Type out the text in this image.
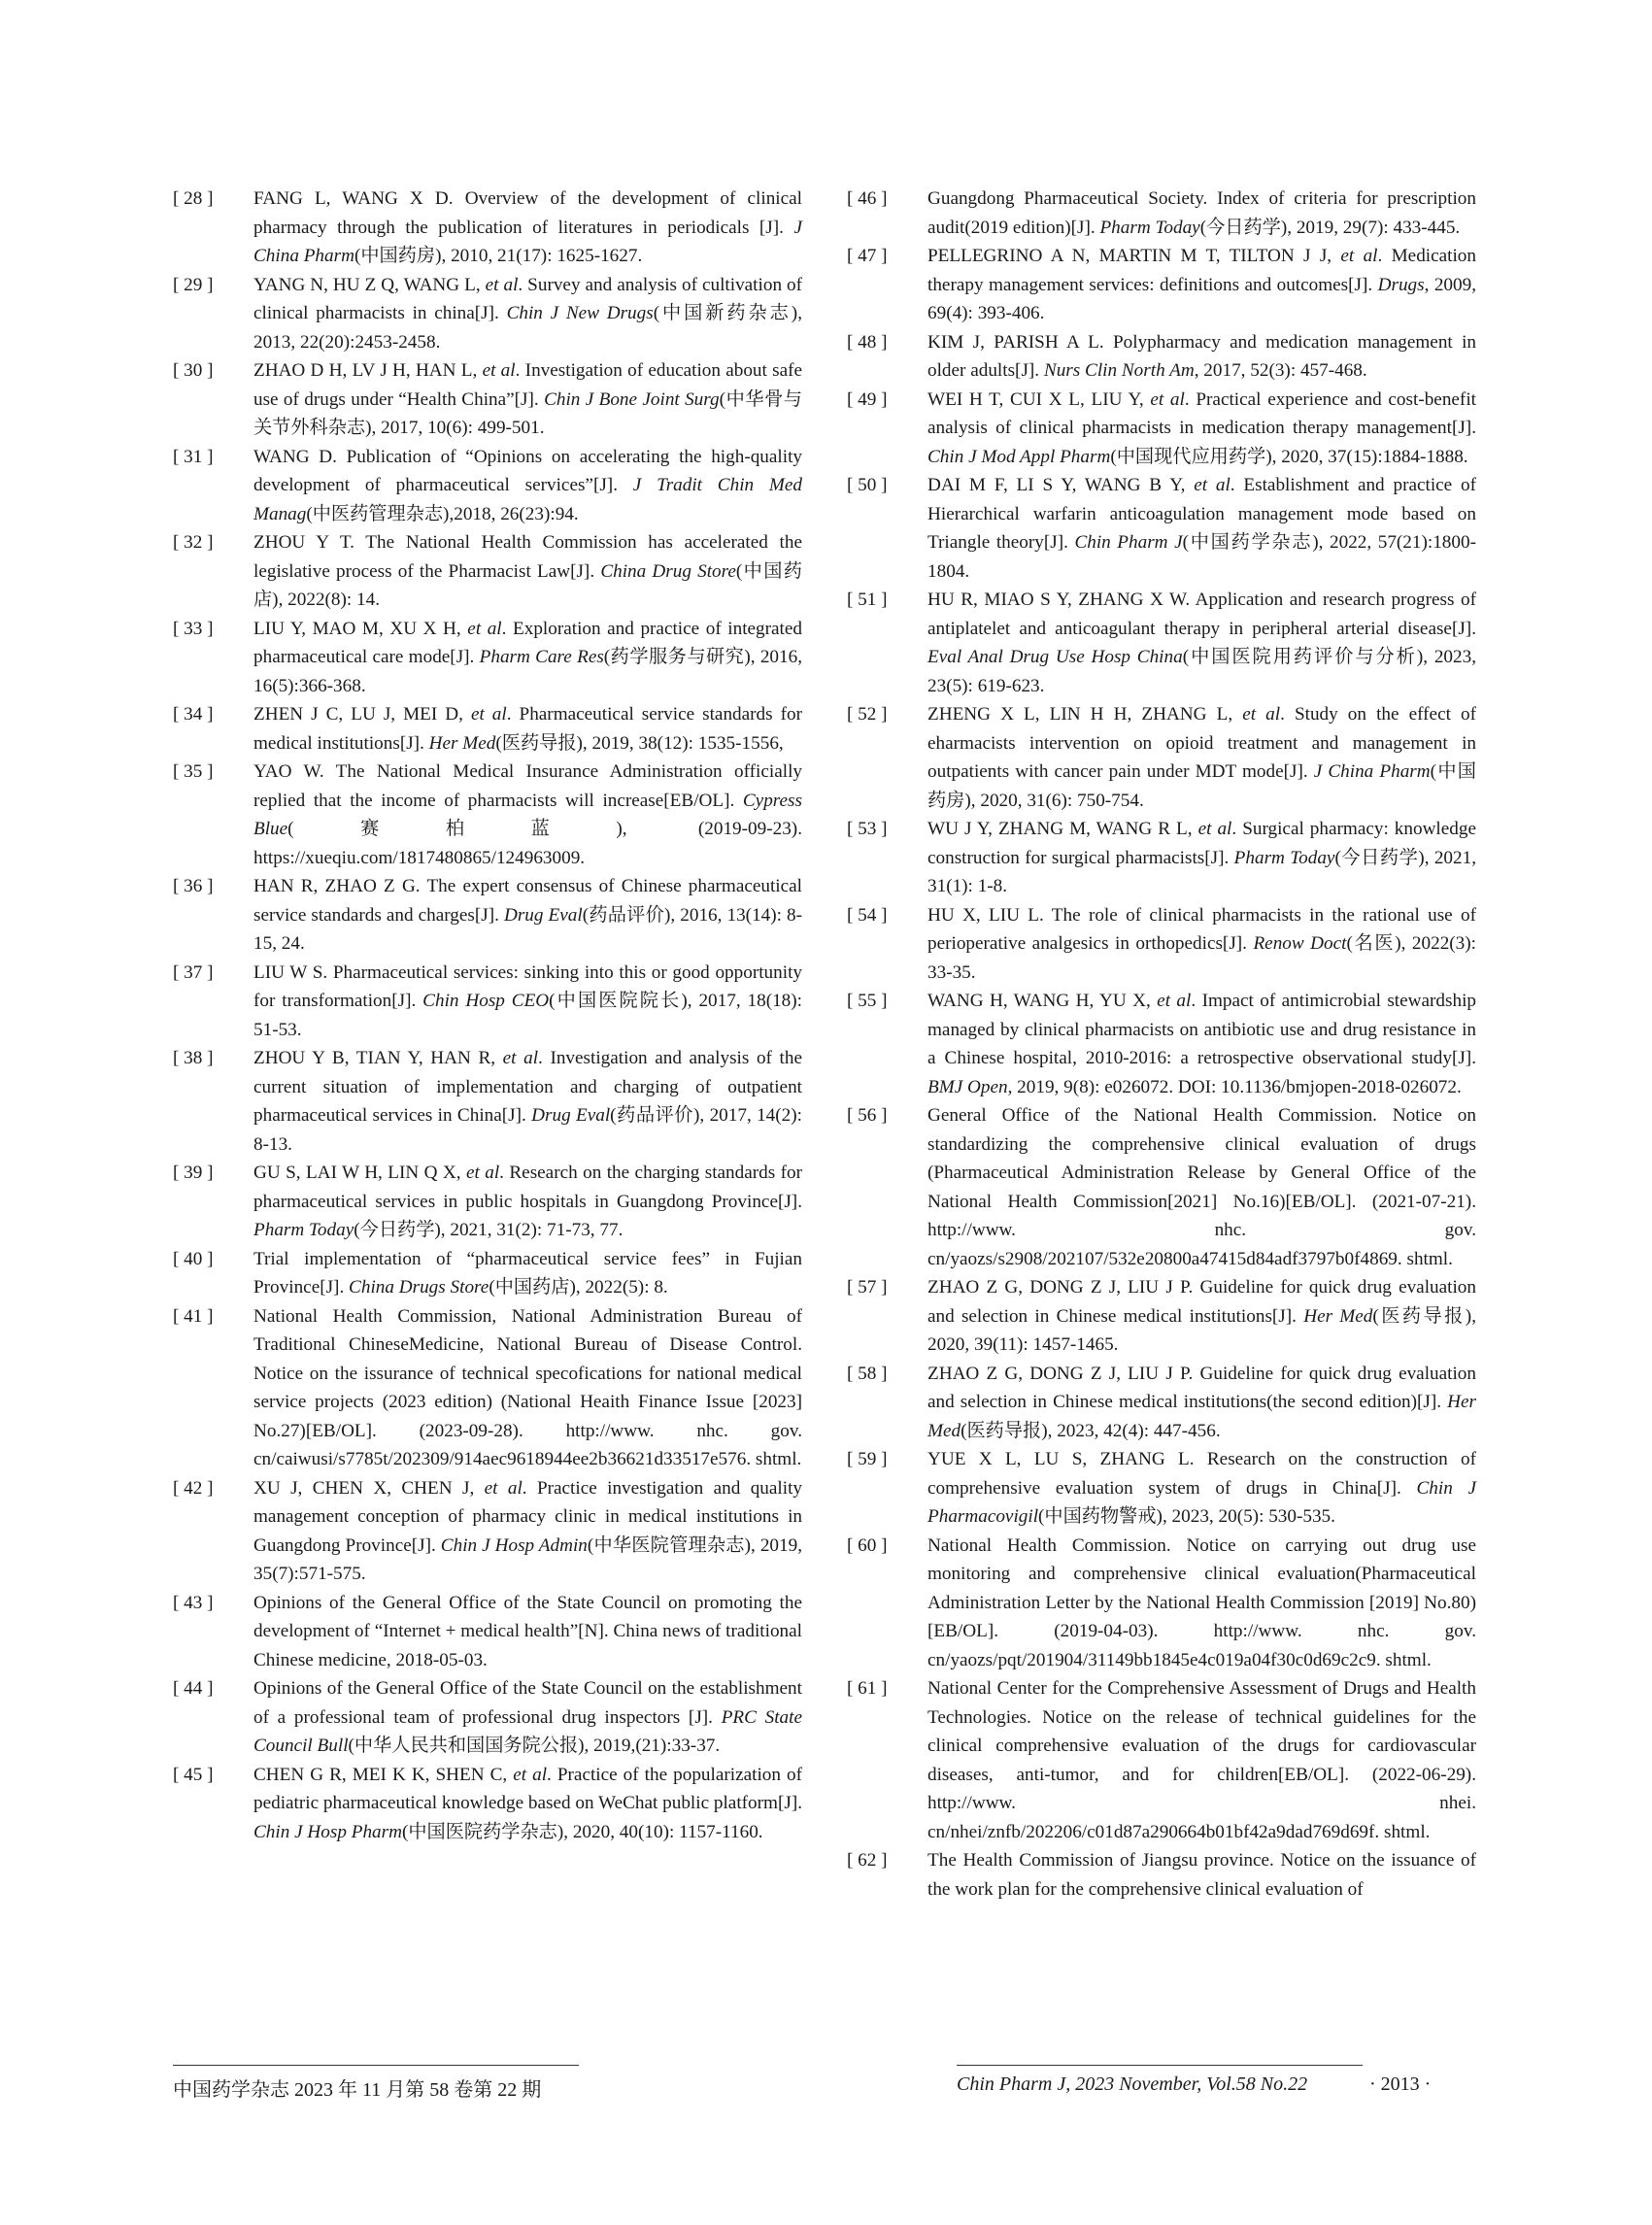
[ 28 ]	FANG L, WANG X D. Overview of the development of clinical pharmacy through the publication of literatures in periodicals [J]. J China Pharm(中国药房), 2010, 21(17): 1625-1627.

[ 29 ]	YANG N, HU Z Q, WANG L, et al. Survey and analysis of cultivation of clinical pharmacists in china[J]. Chin J New Drugs(中国新药杂志), 2013, 22(20):2453-2458.

[ 30 ]	ZHAO D H, LV J H, HAN L, et al. Investigation of education about safe use of drugs under “Health China”[J]. Chin J Bone Joint Surg(中华骨与关节外科杂志), 2017, 10(6): 499-501.

[ 31 ]	WANG D. Publication of “Opinions on accelerating the high-quality development of pharmaceutical services”[J]. J Tradit Chin Med Manag(中医药管理杂志),2018, 26(23):94.

[ 32 ]	ZHOU Y T. The National Health Commission has accelerated the legislative process of the Pharmacist Law[J]. China Drug Store(中国药店), 2022(8): 14.

[ 33 ]	LIU Y, MAO M, XU X H, et al. Exploration and practice of integrated pharmaceutical care mode[J]. Pharm Care Res(药学服务与研究), 2016, 16(5):366-368.

[ 34 ]	ZHEN J C, LU J, MEI D, et al. Pharmaceutical service standards for medical institutions[J]. Her Med(医药导报), 2019, 38(12): 1535-1556,

[ 35 ]	YAO W. The National Medical Insurance Administration officially replied that the income of pharmacists will increase[EB/OL]. Cypress Blue(赛柏蓝), (2019-09-23). https://xueqiu.com/1817480865/124963009.

[ 36 ]	HAN R, ZHAO Z G. The expert consensus of Chinese pharmaceutical service standards and charges[J]. Drug Eval(药品评价), 2016, 13(14): 8-15, 24.

[ 37 ]	LIU W S. Pharmaceutical services: sinking into this or good opportunity for transformation[J]. Chin Hosp CEO(中国医院院长), 2017, 18(18): 51-53.

[ 38 ]	ZHOU Y B, TIAN Y, HAN R, et al. Investigation and analysis of the current situation of implementation and charging of outpatient pharmaceutical services in China[J]. Drug Eval(药品评价), 2017, 14(2): 8-13.

[ 39 ]	GU S, LAI W H, LIN Q X, et al. Research on the charging standards for pharmaceutical services in public hospitals in Guangdong Province[J]. Pharm Today(今日药学), 2021, 31(2): 71-73, 77.

[ 40 ]	Trial implementation of “pharmaceutical service fees” in Fujian Province[J]. China Drugs Store(中国药店), 2022(5): 8.

[ 41 ]	National Health Commission, National Administration Bureau of Traditional ChineseMedicine, National Bureau of Disease Control. Notice on the issurance of technical specofications for national medical service projects (2023 edition) (National Heaith Finance Issue [2023] No.27)[EB/OL]. (2023-09-28). http://www. nhc. gov. cn/caiwusi/s7785t/202309/914aec9618944ee2b36621d33517e576. shtml.

[ 42 ]	XU J, CHEN X, CHEN J, et al. Practice investigation and quality management conception of pharmacy clinic in medical institutions in Guangdong Province[J]. Chin J Hosp Admin(中华医院管理杂志), 2019, 35(7):571-575.

[ 43 ]	Opinions of the General Office of the State Council on promoting the development of “Internet + medical health”[N]. China news of traditional Chinese medicine, 2018-05-03.

[ 44 ]	Opinions of the General Office of the State Council on the establishment of a professional team of professional drug inspectors [J]. PRC State Council Bull(中华人民共和国国务院公报), 2019,(21):33-37.

[ 45 ]	CHEN G R, MEI K K, SHEN C, et al. Practice of the popularization of pediatric pharmaceutical knowledge based on WeChat public platform[J]. Chin J Hosp Pharm(中国医院药学杂志), 2020, 40(10): 1157-1160.

[ 46 ]	Guangdong Pharmaceutical Society. Index of criteria for prescription audit(2019 edition)[J]. Pharm Today(今日药学), 2019, 29(7): 433-445.

[ 47 ]	PELLEGRINO A N, MARTIN M T, TILTON J J, et al. Medication therapy management services: definitions and outcomes[J]. Drugs, 2009, 69(4): 393-406.

[ 48 ]	KIM J, PARISH A L. Polypharmacy and medication management in older adults[J]. Nurs Clin North Am, 2017, 52(3): 457-468.

[ 49 ]	WEI H T, CUI X L, LIU Y, et al. Practical experience and cost-benefit analysis of clinical pharmacists in medication therapy management[J]. Chin J Mod Appl Pharm(中国现代应用药学), 2020, 37(15):1884-1888.

[ 50 ]	DAI M F, LI S Y, WANG B Y, et al. Establishment and practice of Hierarchical warfarin anticoagulation management mode based on Triangle theory[J]. Chin Pharm J(中国药学杂志), 2022, 57(21):1800-1804.

[ 51 ]	HU R, MIAO S Y, ZHANG X W. Application and research progress of antiplatelet and anticoagulant therapy in peripheral arterial disease[J]. Eval Anal Drug Use Hosp China(中国医院用药评价与分析), 2023, 23(5): 619-623.

[ 52 ]	ZHENG X L, LIN H H, ZHANG L, et al. Study on the effect of eharmacists intervention on opioid treatment and management in outpatients with cancer pain under MDT mode[J]. J China Pharm(中国药房), 2020, 31(6): 750-754.

[ 53 ]	WU J Y, ZHANG M, WANG R L, et al. Surgical pharmacy: knowledge construction for surgical pharmacists[J]. Pharm Today(今日药学), 2021, 31(1): 1-8.

[ 54 ]	HU X, LIU L. The role of clinical pharmacists in the rational use of perioperative analgesics in orthopedics[J]. Renow Doct(名医), 2022(3): 33-35.

[ 55 ]	WANG H, WANG H, YU X, et al. Impact of antimicrobial stewardship managed by clinical pharmacists on antibiotic use and drug resistance in a Chinese hospital, 2010-2016: a retrospective observational study[J]. BMJ Open, 2019, 9(8): e026072. DOI: 10.1136/bmjopen-2018-026072.

[ 56 ]	General Office of the National Health Commission. Notice on standardizing the comprehensive clinical evaluation of drugs (Pharmaceutical Administration Release by General Office of the National Health Commission[2021] No.16)[EB/OL]. (2021-07-21). http://www. nhc. gov. cn/yaozs/s2908/202107/532e20800a47415d84adf3797b0f4869. shtml.

[ 57 ]	ZHAO Z G, DONG Z J, LIU J P. Guideline for quick drug evaluation and selection in Chinese medical institutions[J]. Her Med(医药导报), 2020, 39(11): 1457-1465.

[ 58 ]	ZHAO Z G, DONG Z J, LIU J P. Guideline for quick drug evaluation and selection in Chinese medical institutions(the second edition)[J]. Her Med(医药导报), 2023, 42(4): 447-456.

[ 59 ]	YUE X L, LU S, ZHANG L. Research on the construction of comprehensive evaluation system of drugs in China[J]. Chin J Pharmacovigil(中国药物警戒), 2023, 20(5): 530-535.

[ 60 ]	National Health Commission. Notice on carrying out drug use monitoring and comprehensive clinical evaluation(Pharmaceutical Administration Letter by the National Health Commission [2019] No.80)[EB/OL]. (2019-04-03). http://www. nhc. gov. cn/yaozs/pqt/201904/31149bb1845e4c019a04f30c0d69c2c9. shtml.

[ 61 ]	National Center for the Comprehensive Assessment of Drugs and Health Technologies. Notice on the release of technical guidelines for the clinical comprehensive evaluation of the drugs for cardiovascular diseases, anti-tumor, and for children[EB/OL]. (2022-06-29). http://www. nhei. cn/nhei/znfb/202206/c01d87a290664b01bf42a9dad769d69f. shtml.

[ 62 ]	The Health Commission of Jiangsu province. Notice on the issuance of the work plan for the comprehensive clinical evaluation of

中国药学杂志 2023 年 11 月第 58 卷第 22 期	Chin Pharm J, 2023 November, Vol.58 No.22	· 2013 ·
